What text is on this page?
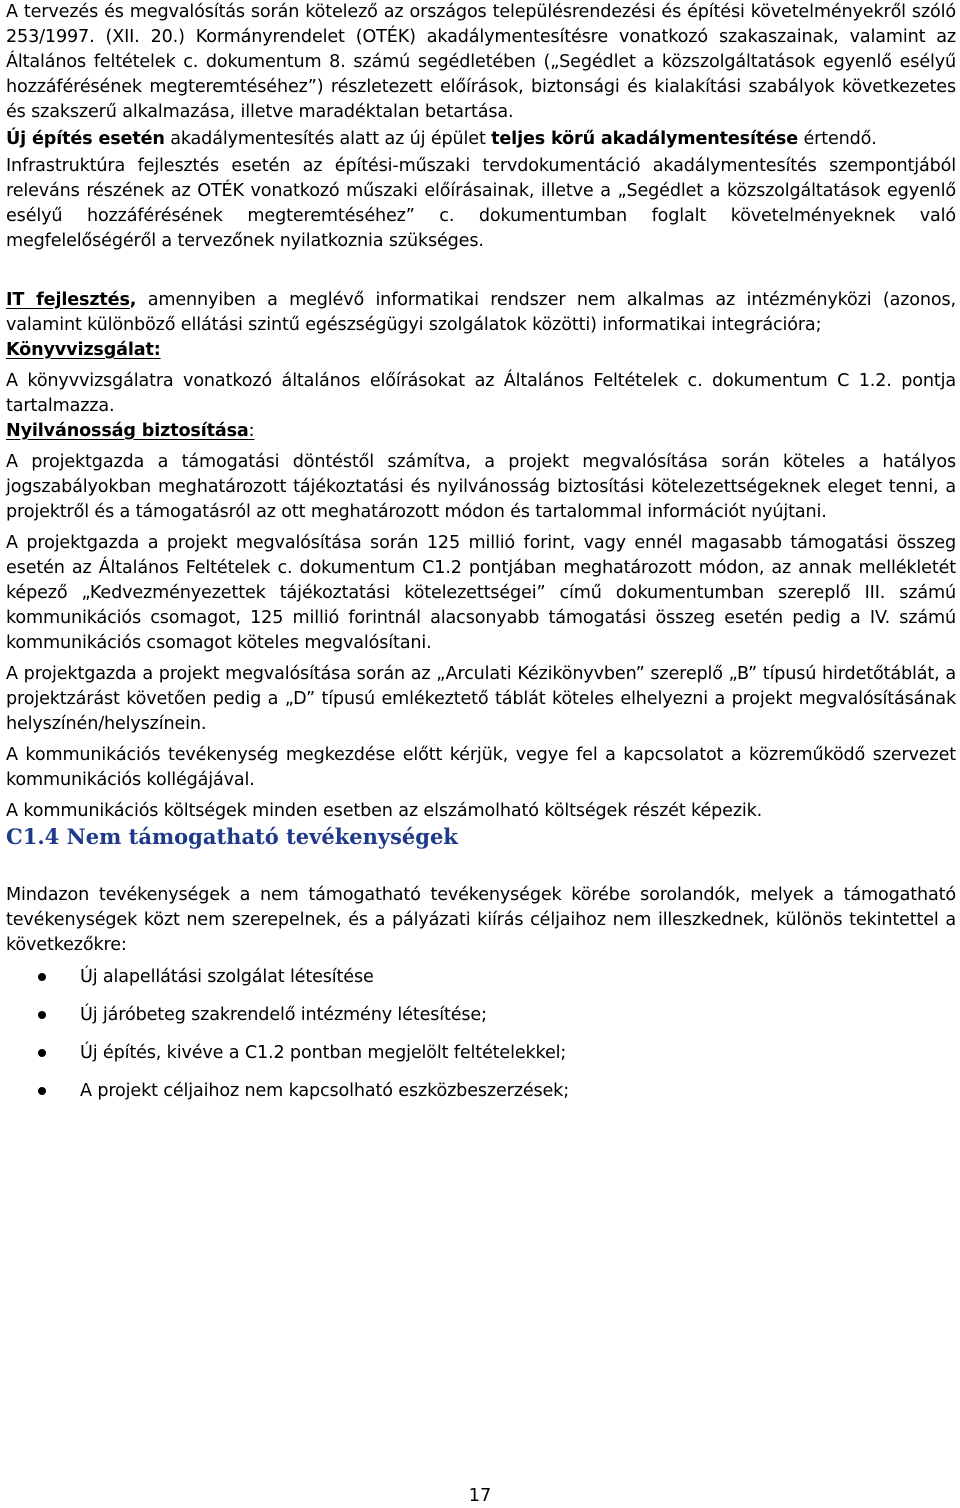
A tervezés és megvalósítás során kötelező az országos településrendezési és építési követelményekről szóló 253/1997. (XII. 20.) Kormányrendelet (OTÉK) akadálymentesítésre vonatkozó szakaszainak, valamint az Általános feltételek c. dokumentum 8. számú segédletében („Segédlet a közszolgáltatások egyenlő esélyű hozzáférésének megteremtéséhez”) részletezett előírások, biztonsági és kialakítási szabályok következetes és szakszerű alkalmazása, illetve maradéktalan betartása.

Új építés esetén akadálymentesítés alatt az új épület teljes körű akadálymentesítése értendő.

Infrastruktúra fejlesztés esetén az építési-műszaki tervdokumentáció akadálymentesítés szempontjából releváns részének az OTÉK vonatkozó műszaki előírásainak, illetve a „Segédlet a közszolgáltatások egyenlő esélyű hozzáférésének megteremtéséhez” c. dokumentumban foglalt követelményeknek való megfelelőségéről a tervezőnek nyilatkoznia szükséges.

IT fejlesztés, amennyiben a meglévő informatikai rendszer nem alkalmas az intézményközi (azonos, valamint különböző ellátási szintű egészségügyi szolgálatok közötti) informatikai integrációra;

Könyvvizsgálat:

A könyvvizsgálatra vonatkozó általános előírásokat az Általános Feltételek c. dokumentum C 1.2. pontja tartalmazza.

Nyilvánosság biztosítása:

A projektgazda a támogatási döntéstől számítva, a projekt megvalósítása során köteles a hatályos jogszabályokban meghatározott tájékoztatási és nyilvánosság biztosítási kötelezettségeknek eleget tenni, a projektről és a támogatásról az ott meghatározott módon és tartalommal információt nyújtani.

A projektgazda a projekt megvalósítása során 125 millió forint, vagy ennél magasabb támogatási összeg esetén az Általános Feltételek c. dokumentum C1.2 pontjában meghatározott módon, az annak mellékletét képező „Kedvezményezettek tájékoztatási kötelezettségei” című dokumentumban szereplő III. számú kommunikációs csomagot, 125 millió forintnál alacsonyabb támogatási összeg esetén pedig a IV. számú kommunikációs csomagot köteles megvalósítani.

A projektgazda a projekt megvalósítása során az „Arculati Kézikönyvben” szereplő „B” típusú hirdetőtáblát, a projektzárást követően pedig a „D” típusú emlékeztető táblát köteles elhelyezni a projekt megvalósításának helyszínén/helyszínein.

A kommunikációs tevékenység megkezdése előtt kérjük, vegye fel a kapcsolatot a közreműködő szervezet kommunikációs kollégájával.

A kommunikációs költségek minden esetben az elszámolható költségek részét képezik.

C1.4 Nem támogatható tevékenységek

Mindazon tevékenységek a nem támogatható tevékenységek körébe sorolandók, melyek a támogatható tevékenységek közt nem szerepelnek, és a pályázati kiírás céljaihoz nem illeszkednek, különös tekintettel a következőkre:

Új alapellátási szolgálat létesítése
Új járóbeteg szakrendelő intézmény létesítése;
Új építés, kivéve a C1.2 pontban megjelölt feltételekkel;
A projekt céljaihoz nem kapcsolható eszközbeszerzések;
17
